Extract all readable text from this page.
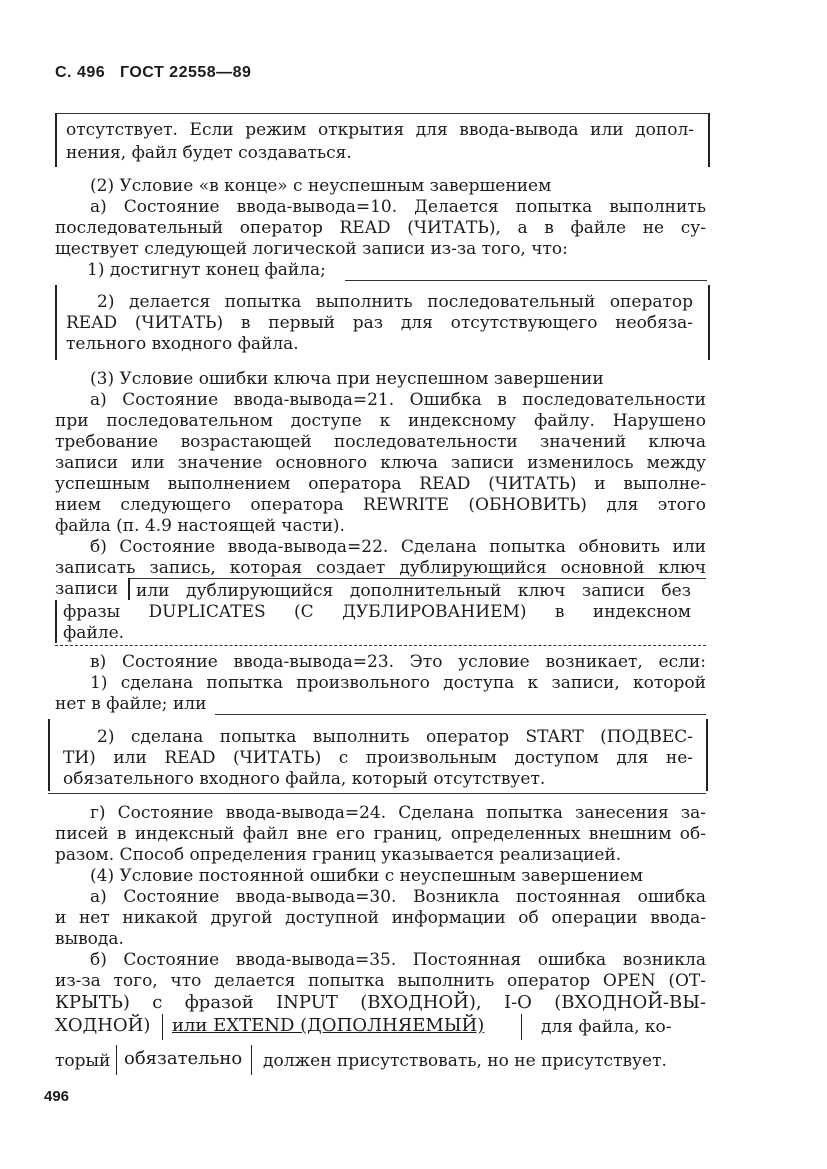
С. 496 ГОСТ 22558—89
отсутствует. Если режим открытия для ввода-вывода или допол-
нения, файл будет создаваться.
(2) Условие «в конце» с неуспешным завершением
а) Состояние ввода-вывода=10. Делается попытка выполнить
последовательный оператор READ (ЧИТАТЬ), а в файле не су-
ществует следующей логической записи из-за того, что:
1) достигнут конец файла;
2) делается попытка выполнить последовательный оператор
READ (ЧИТАТЬ) в первый раз для отсутствующего необяза-
тельного входного файла.
(3) Условие ошибки ключа при неуспешном завершении
а) Состояние ввода-вывода=21. Ошибка в последовательности
при последовательном доступе к индексному файлу. Нарушено
требование возрастающей последовательности значений ключа
записи или значение основного ключа записи изменилось между
успешным выполнением оператора READ (ЧИТАТЬ) и выполне-
нием следующего оператора REWRITE (ОБНОВИТЬ) для этого
файла (п. 4.9 настоящей части).
б) Состояние ввода-вывода=22. Сделана попытка обновить или
записать запись, которая создает дублирующийся основной ключ
записи или дублирующийся дополнительный ключ записи без
фразы DUPLICATES (С ДУБЛИРОВАНИЕМ) в индексном
файле.
в) Состояние ввода-вывода=23. Это условие возникает, если:
1) сделана попытка произвольного доступа к записи, которой
нет в файле; или
2) сделана попытка выполнить оператор START (ПОДВЕС-
ТИ) или READ (ЧИТАТЬ) с произвольным доступом для не-
обязательного входного файла, который отсутствует.
г) Состояние ввода-вывода=24. Сделана попытка занесения за-
писей в индексный файл вне его границ, определенных внешним об-
разом. Способ определения границ указывается реализацией.
(4) Условие постоянной ошибки с неуспешным завершением
а) Состояние ввода-вывода=30. Возникла постоянная ошибка
и нет никакой другой доступной информации об операции ввода-
вывода.
б) Состояние ввода-вывода=35. Постоянная ошибка возникла
из-за того, что делается попытка выполнить оператор OPEN (ОТ-
КРЫТЬ) с фразой INPUT (ВХОДНОЙ), I-O (ВХОДНОЙ-ВЫ-
ХОДНОЙ) или EXTEND (ДОПОЛНЯЕМЫЙ)	для файла, ко-
торый обязательно должен присутствовать, но не присутствует.
496
